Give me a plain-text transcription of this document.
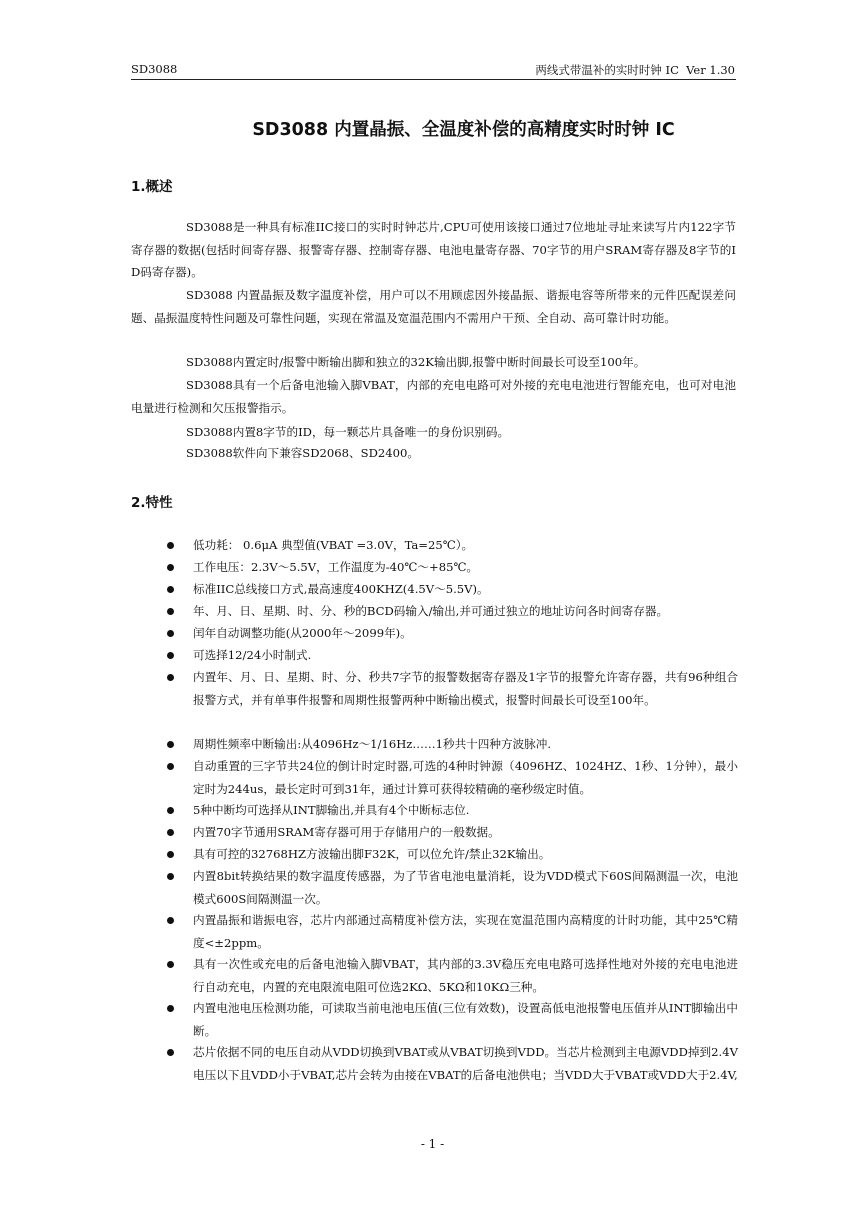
SD3088	两线式带温补的实时时钟 IC  Ver 1.30
SD3088 内置晶振、全温度补偿的高精度实时时钟 IC
1.概述

SD3088是一种具有标准IIC接口的实时时钟芯片,CPU可使用该接口通过7位地址寻址来读写片内122字节寄存器的数据(包括时间寄存器、报警寄存器、控制寄存器、电池电量寄存器、70字节的用户SRAM寄存器及8字节的ID码寄存器)。

SD3088 内置晶振及数字温度补偿，用户可以不用顾虑因外接晶振、谐振电容等所带来的元件匹配误差问题、晶振温度特性问题及可靠性问题，实现在常温及宽温范围内不需用户干预、全自动、高可靠计时功能。

SD3088内置定时/报警中断输出脚和独立的32K输出脚,报警中断时间最长可设至100年。

SD3088具有一个后备电池输入脚VBAT，内部的充电电路可对外接的充电电池进行智能充电，也可对电池电量进行检测和欠压报警指示。

SD3088内置8字节的ID，每一颗芯片具备唯一的身份识别码。

SD3088软件向下兼容SD2068、SD2400。

2.特性

低功耗： 0.6μA 典型值(VBAT =3.0V，Ta=25℃）。

工作电压：2.3V～5.5V，工作温度为-40℃～+85℃。

标准IIC总线接口方式,最高速度400KHZ(4.5V～5.5V)。

年、月、日、星期、时、分、秒的BCD码输入/输出,并可通过独立的地址访问各时间寄存器。

闰年自动调整功能(从2000年～2099年)。

可选择12/24小时制式.

内置年、月、日、星期、时、分、秒共7字节的报警数据寄存器及1字节的报警允许寄存器，共有96种组合报警方式，并有单事件报警和周期性报警两种中断输出模式，报警时间最长可设至100年。

周期性频率中断输出:从4096Hz～1/16Hz……1秒共十四种方波脉冲.

自动重置的三字节共24位的倒计时定时器,可选的4种时钟源（4096HZ、1024HZ、1秒、1分钟），最小定时为244us，最长定时可到31年，通过计算可获得较精确的毫秒级定时值。

5种中断均可选择从INT脚输出,并具有4个中断标志位.

内置70字节通用SRAM寄存器可用于存储用户的一般数据。

具有可控的32768HZ方波输出脚F32K，可以位允许/禁止32K输出。

内置8bit转换结果的数字温度传感器，为了节省电池电量消耗，设为VDD模式下60S间隔测温一次，电池模式600S间隔测温一次。

内置晶振和谐振电容，芯片内部通过高精度补偿方法，实现在宽温范围内高精度的计时功能，其中25℃精度<±2ppm。

具有一次性或充电的后备电池输入脚VBAT，其内部的3.3V稳压充电电路可选择性地对外接的充电电池进行自动充电，内置的充电限流电阻可位选2KΩ、5KΩ和10KΩ三种。

内置电池电压检测功能，可读取当前电池电压值(三位有效数)，设置高低电池报警电压值并从INT脚输出中断。

芯片依据不同的电压自动从VDD切换到VBAT或从VBAT切换到VDD。当芯片检测到主电源VDD掉到2.4V电压以下且VDD小于VBAT,芯片会转为由接在VBAT的后备电池供电；当VDD大于VBAT或VDD大于2.4V,

- 1 -
